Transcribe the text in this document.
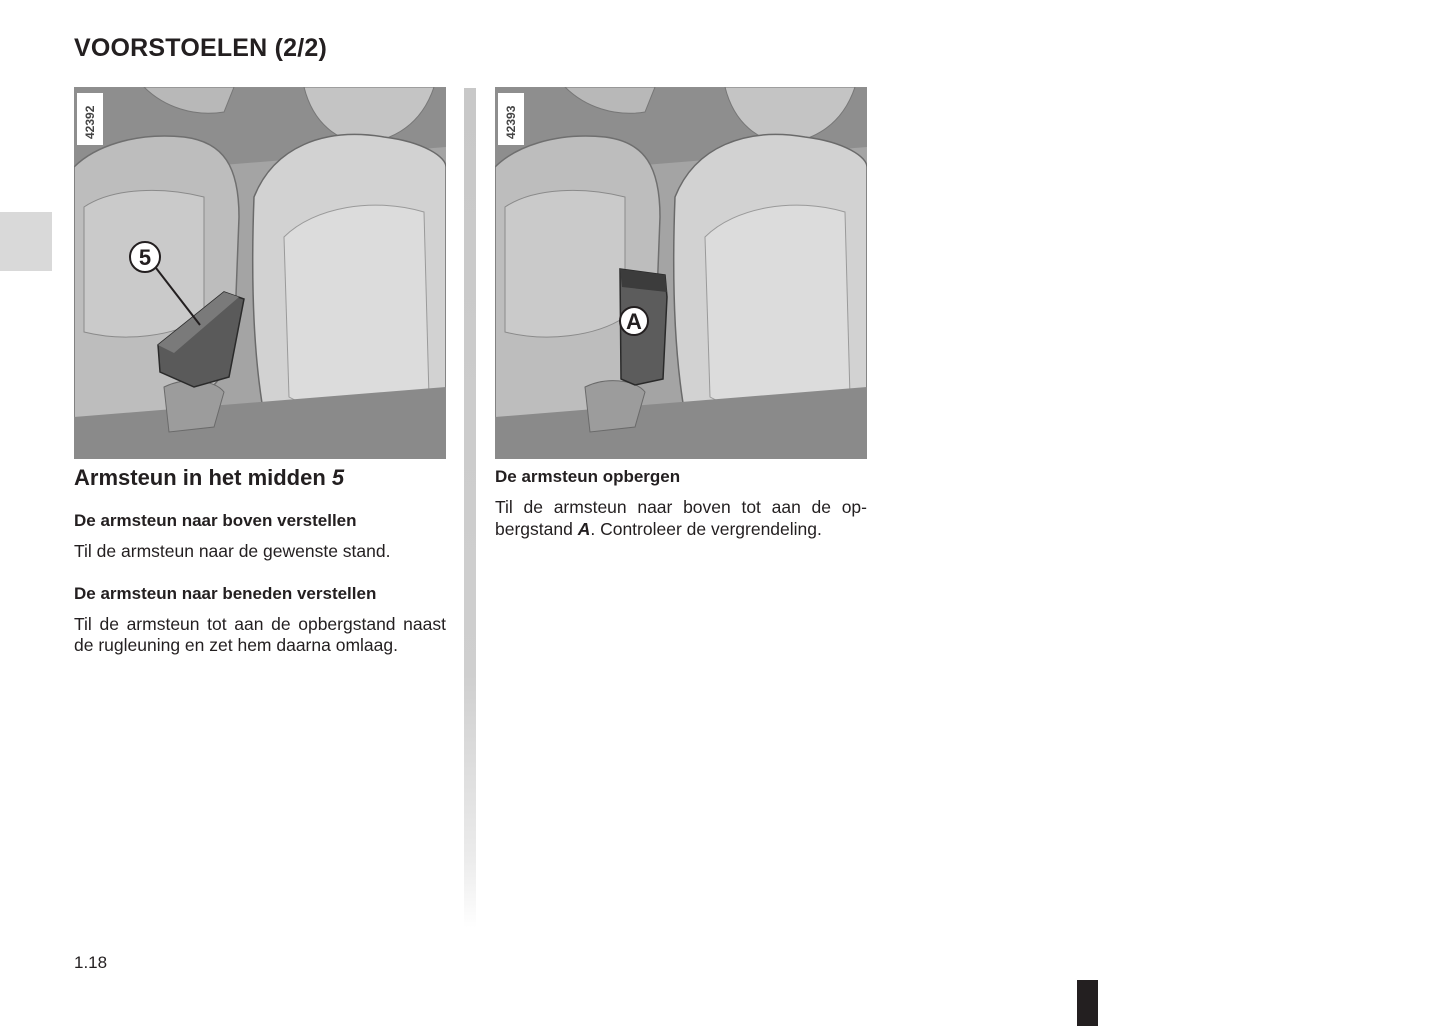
VOORSTOELEN (2/2)
5
42392
A
42393
Armsteun in het midden 5
De armsteun naar boven verstellen

Til de armsteun naar de gewenste stand.

De armsteun naar beneden verstellen

Til de armsteun tot aan de opbergstand naast de rugleuning en zet hem daarna omlaag.

De armsteun opbergen

Til de armsteun naar boven tot aan de opbergstand A. Controleer de vergrendeling.

1.18
